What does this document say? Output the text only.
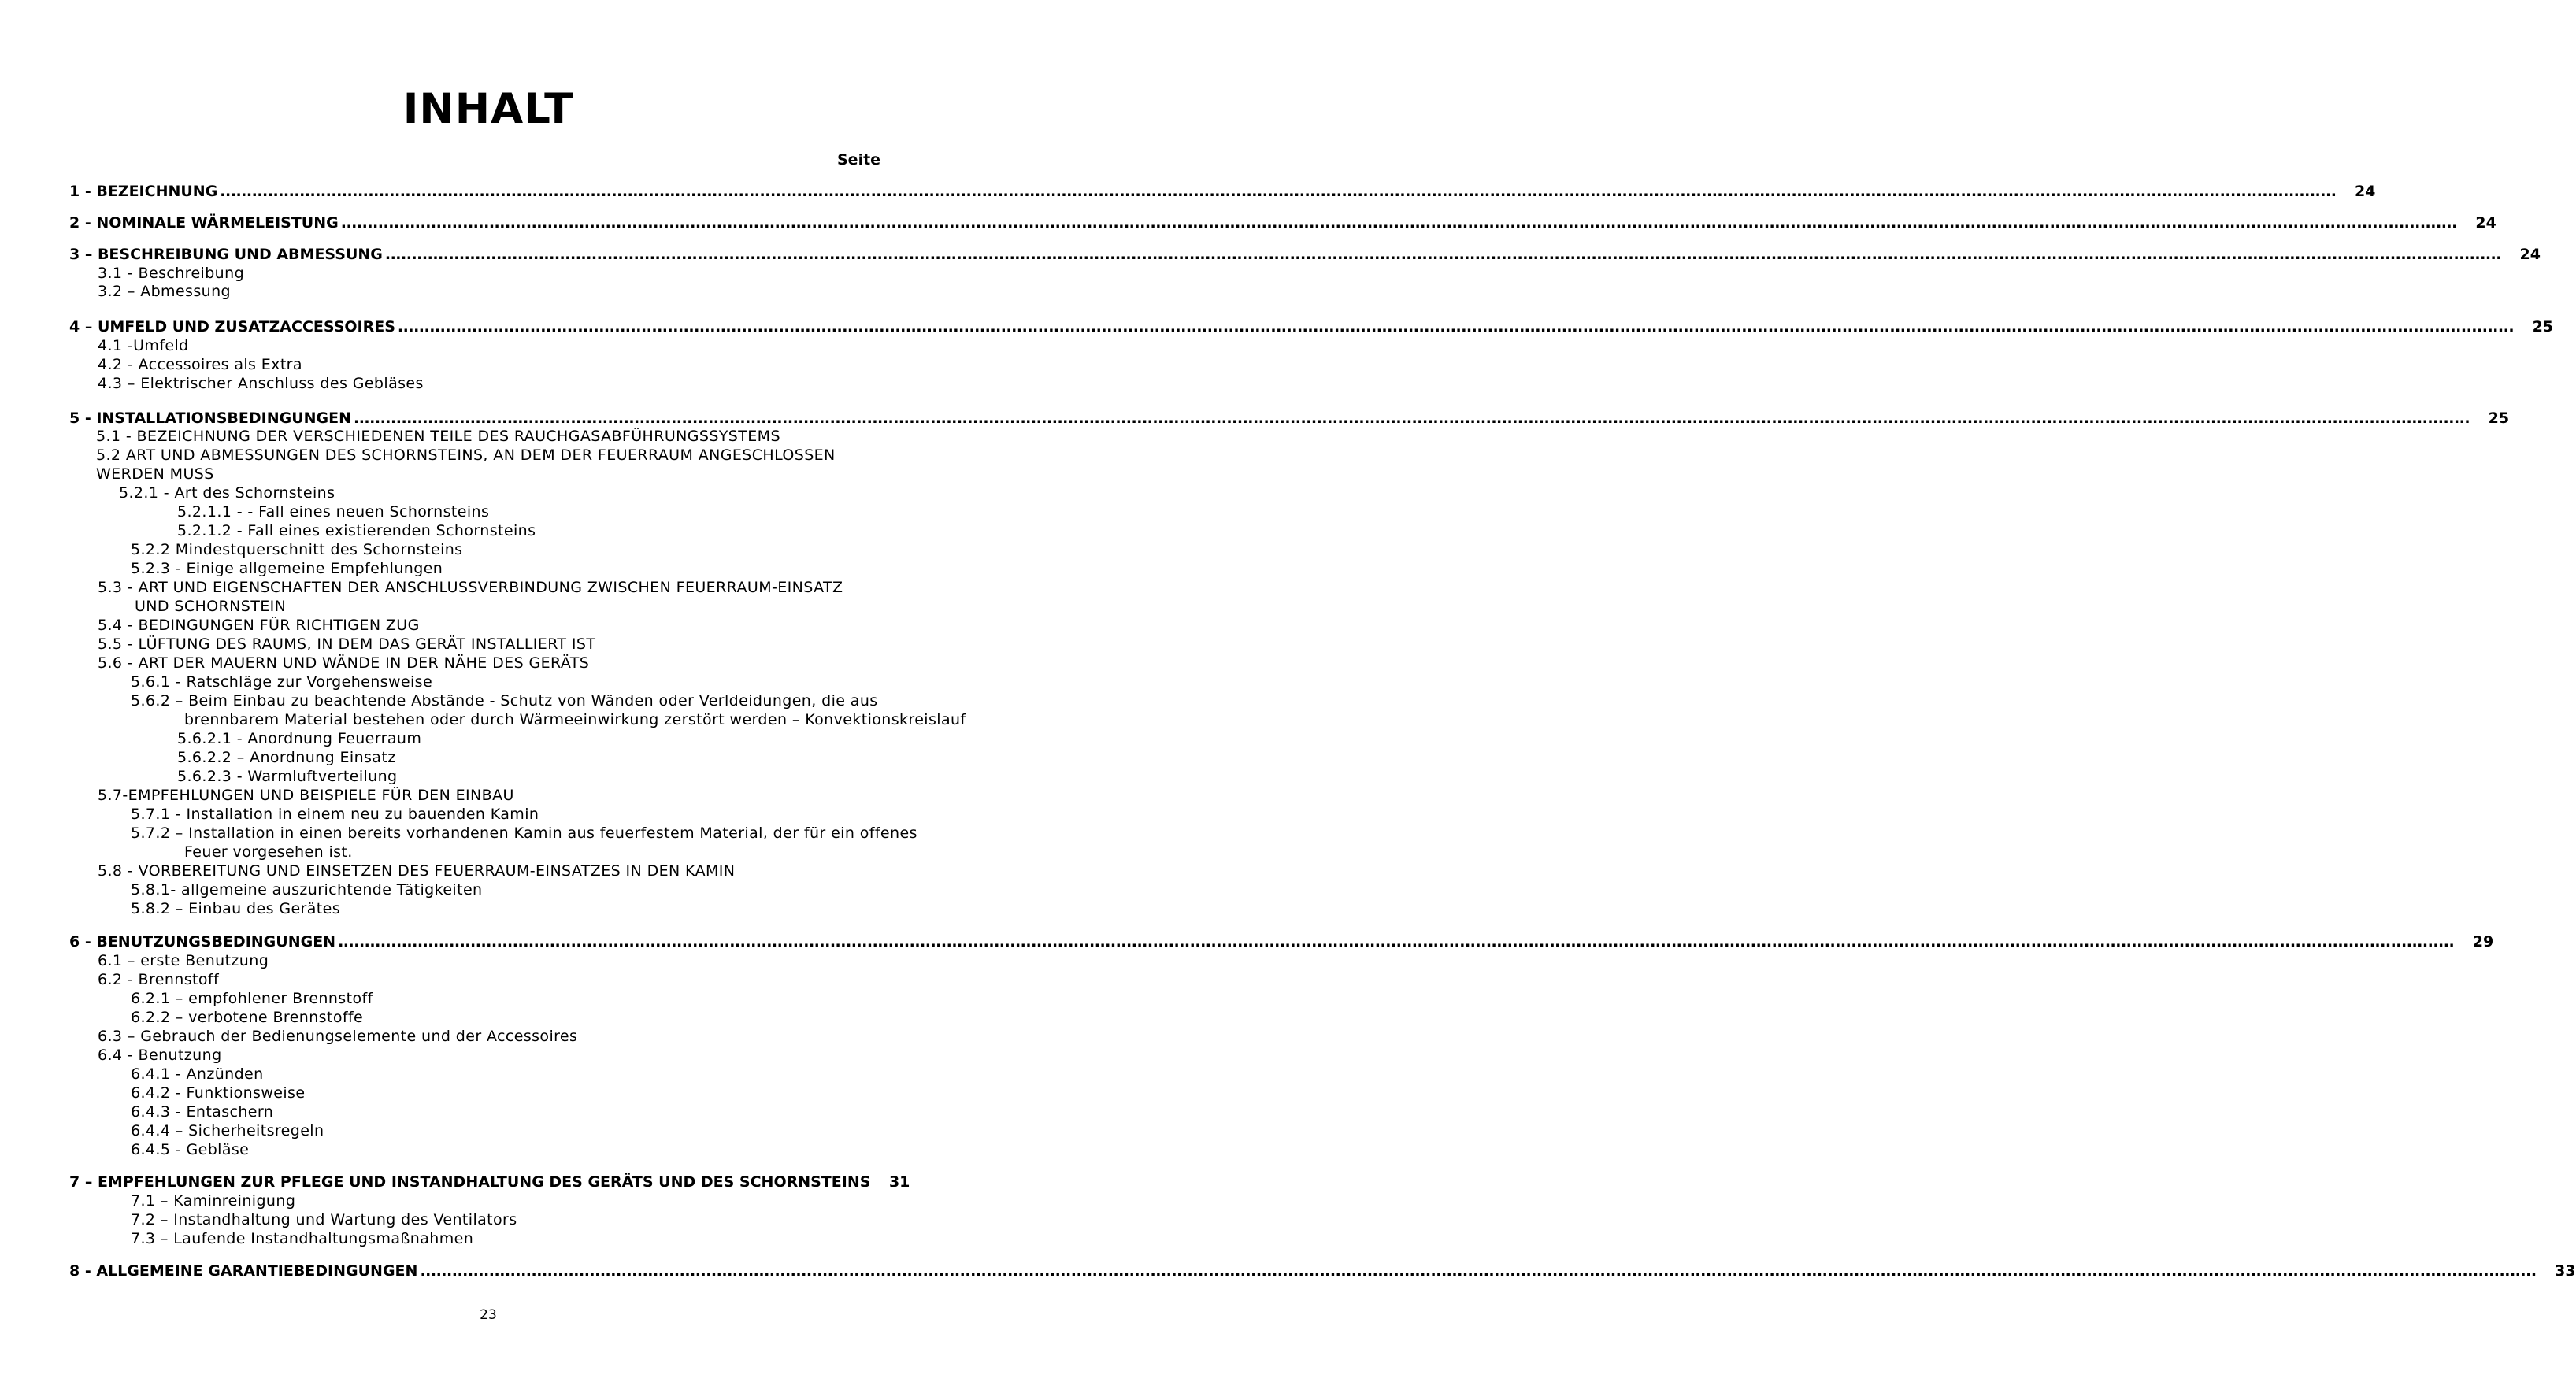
INHALT
Seite
1 - BEZEICHNUNG ................................................................................................................................................................................................................................................................................................................................................................................................................	24
2 - NOMINALE WÄRMELEISTUNG ................................................................................................................................................................................................................................................................................................................................................................................................................	24
3 – BESCHREIBUNG UND ABMESSUNG ................................................................................................................................................................................................................................................................................................................................................................................................................	24
3.1 - Beschreibung
3.2 – Abmessung
4 – UMFELD UND ZUSATZACCESSOIRES ................................................................................................................................................................................................................................................................................................................................................................................................................	25
4.1 -Umfeld
4.2 - Accessoires als Extra
4.3 – Elektrischer Anschluss des Gebläses
5 - INSTALLATIONSBEDINGUNGEN ................................................................................................................................................................................................................................................................................................................................................................................................................	25
5.1 - BEZEICHNUNG DER VERSCHIEDENEN TEILE DES RAUCHGASABFÜHRUNGSSYSTEMS
5.2 ART UND ABMESSUNGEN DES SCHORNSTEINS, AN DEM DER FEUERRAUM ANGESCHLOSSEN
WERDEN MUSS
5.2.1 - Art des Schornsteins
5.2.1.1 - - Fall eines neuen Schornsteins
5.2.1.2 - Fall eines existierenden Schornsteins
5.2.2 Mindestquerschnitt des Schornsteins
5.2.3 - Einige allgemeine Empfehlungen
5.3 - ART UND EIGENSCHAFTEN DER ANSCHLUSSVERBINDUNG ZWISCHEN FEUERRAUM-EINSATZ
UND SCHORNSTEIN
5.4 - BEDINGUNGEN FÜR RICHTIGEN ZUG
5.5 - LÜFTUNG DES RAUMS, IN DEM DAS GERÄT INSTALLIERT IST
5.6 - ART DER MAUERN UND WÄNDE IN DER NÄHE DES GERÄTS
5.6.1 - Ratschläge zur Vorgehensweise
5.6.2 – Beim Einbau zu beachtende Abstände - Schutz von Wänden oder Verldeidungen, die aus
brennbarem Material bestehen oder durch Wärmeeinwirkung zerstört werden – Konvektionskreislauf
5.6.2.1 - Anordnung Feuerraum
5.6.2.2 – Anordnung Einsatz
5.6.2.3 - Warmluftverteilung
5.7-EMPFEHLUNGEN UND BEISPIELE FÜR DEN EINBAU
5.7.1 - Installation in einem neu zu bauenden Kamin
5.7.2 – Installation in einen bereits vorhandenen Kamin aus feuerfestem Material, der für ein offenes
Feuer vorgesehen ist.
5.8 - VORBEREITUNG UND EINSETZEN DES FEUERRAUM-EINSATZES IN DEN KAMIN
5.8.1- allgemeine auszurichtende Tätigkeiten
5.8.2 – Einbau des Gerätes
6 - BENUTZUNGSBEDINGUNGEN ................................................................................................................................................................................................................................................................................................................................................................................................................	29
6.1 – erste Benutzung
6.2 - Brennstoff
6.2.1 – empfohlener Brennstoff
6.2.2 – verbotene Brennstoffe
6.3 – Gebrauch der Bedienungselemente und der Accessoires
6.4 - Benutzung
6.4.1 - Anzünden
6.4.2 - Funktionsweise
6.4.3 - Entaschern
6.4.4 – Sicherheitsregeln
6.4.5 - Gebläse
7 – EMPFEHLUNGEN ZUR PFLEGE UND INSTANDHALTUNG DES GERÄTS UND DES SCHORNSTEINS	31
7.1 – Kaminreinigung
7.2 – Instandhaltung und Wartung des Ventilators
7.3 – Laufende Instandhaltungsmaßnahmen
8 - ALLGEMEINE GARANTIEBEDINGUNGEN ................................................................................................................................................................................................................................................................................................................................................................................................................	33
23
